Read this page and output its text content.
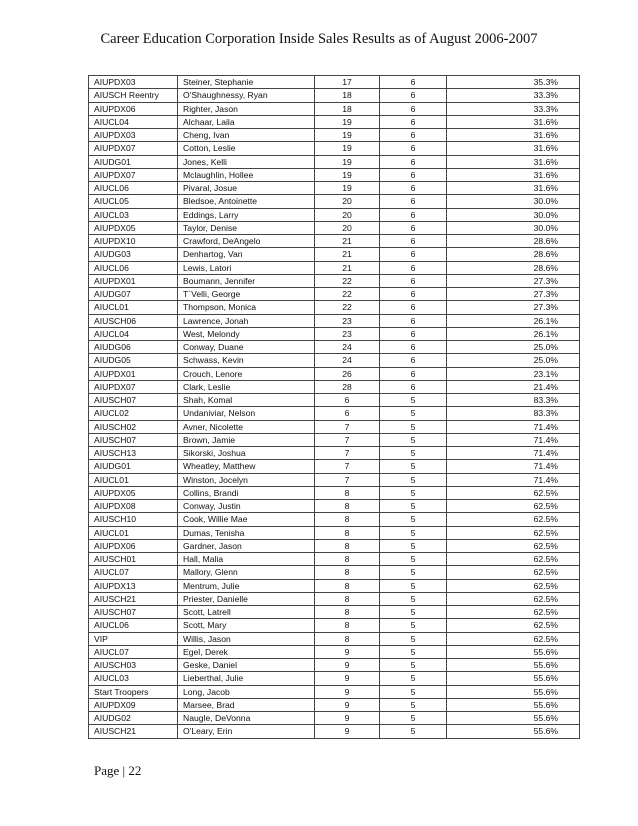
Career Education Corporation Inside Sales Results as of August 2006-2007
AIUPDX03	Steiner, Stephanie	17	6	35.3%
AIUSCH Reentry	O'Shaughnessy, Ryan	18	6	33.3%
AIUPDX06	Righter, Jason	18	6	33.3%
AIUCL04	Alchaar, Laila	19	6	31.6%
AIUPDX03	Cheng, Ivan	19	6	31.6%
AIUPDX07	Cotton, Leslie	19	6	31.6%
AIUDG01	Jones, Kelli	19	6	31.6%
AIUPDX07	Mclaughlin, Hollee	19	6	31.6%
AIUCL06	Pivaral, Josue	19	6	31.6%
AIUCL05	Bledsoe, Antoinette	20	6	30.0%
AIUCL03	Eddings, Larry	20	6	30.0%
AIUPDX05	Taylor, Denise	20	6	30.0%
AIUPDX10	Crawford, DeAngelo	21	6	28.6%
AIUDG03	Denhartog, Van	21	6	28.6%
AIUCL06	Lewis, Latori	21	6	28.6%
AIUPDX01	Boumann, Jennifer	22	6	27.3%
AIUDG07	T`Velli, George	22	6	27.3%
AIUCL01	Thompson, Monica	22	6	27.3%
AIUSCH06	Lawrence, Jonah	23	6	26.1%
AIUCL04	West, Melondy	23	6	26.1%
AIUDG06	Conway, Duane	24	6	25.0%
AIUDG05	Schwass, Kevin	24	6	25.0%
AIUPDX01	Crouch, Lenore	26	6	23.1%
AIUPDX07	Clark, Leslie	28	6	21.4%
AIUSCH07	Shah, Komal	6	5	83.3%
AIUCL02	Undaniviar, Nelson	6	5	83.3%
AIUSCH02	Avner, Nicolette	7	5	71.4%
AIUSCH07	Brown, Jamie	7	5	71.4%
AIUSCH13	Sikorski, Joshua	7	5	71.4%
AIUDG01	Wheatley, Matthew	7	5	71.4%
AIUCL01	Winston, Jocelyn	7	5	71.4%
AIUPDX05	Collins, Brandi	8	5	62.5%
AIUPDX08	Conway, Justin	8	5	62.5%
AIUSCH10	Cook, Willie Mae	8	5	62.5%
AIUCL01	Dumas, Tenisha	8	5	62.5%
AIUPDX06	Gardner, Jason	8	5	62.5%
AIUSCH01	Hall, Malia	8	5	62.5%
AIUCL07	Mallory, Glenn	8	5	62.5%
AIUPDX13	Mentrum, Julie	8	5	62.5%
AIUSCH21	Priester, Danielle	8	5	62.5%
AIUSCH07	Scott, Latrell	8	5	62.5%
AIUCL06	Scott, Mary	8	5	62.5%
VIP	Willis, Jason	8	5	62.5%
AIUCL07	Egel, Derek	9	5	55.6%
AIUSCH03	Geske, Daniel	9	5	55.6%
AIUCL03	Lieberthal, Julie	9	5	55.6%
Start Troopers	Long, Jacob	9	5	55.6%
AIUPDX09	Marsee, Brad	9	5	55.6%
AIUDG02	Naugle, DeVonna	9	5	55.6%
AIUSCH21	O'Leary, Erin	9	5	55.6%
Page | 22
